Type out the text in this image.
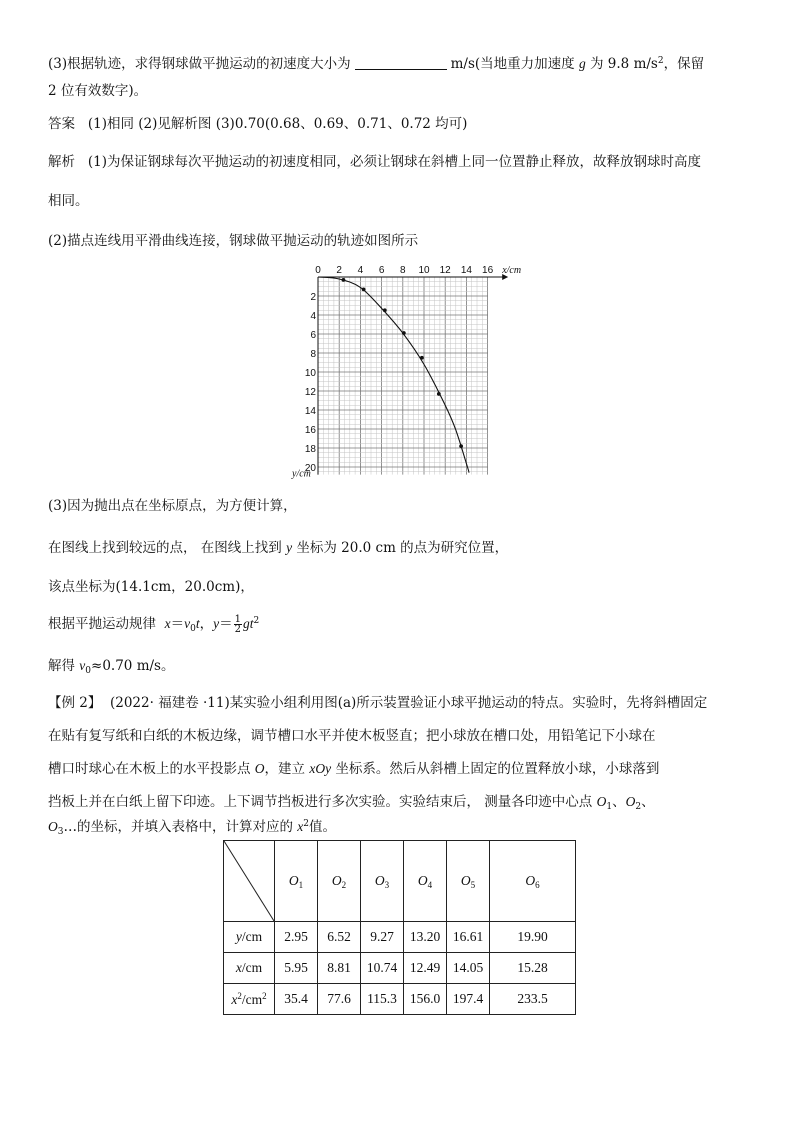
(3)根据轨迹，求得钢球做平抛运动的初速度大小为	m/s(当地重力加速度 g 为 9.8 $m/s^2$，保留
2 位有效数字)。
答案 (1)相同 (2)见解析图 (3)0.70(0.68、0.69、0.71、0.72 均可)
解析 (1)为保证钢球每次平抛运动的初速度相同，必须让钢球在斜槽上同一位置静止释放，故释放钢球时高度
相同。
(2)描点连线用平滑曲线连接，钢球做平抛运动的轨迹如图所示
0 2 4 6 8 10 12 14 16 x/cm
2
4
6
8
10
12
14
16
18
20
y/cm
(3)因为抛出点在坐标原点，为方便计算，
在图线上找到较远的点， 在图线上找到 y 坐标为 20.0 cm 的点为研究位置，
该点坐标为(14.1cm，20.0cm)，
根据平抛运动规律 $x=v_0t$，$y= \frac{1}{2} gt^2$
解得 $v_0\approx 0.70$ m/s。
【例 2】 (2022· 福建卷 ·11)某实验小组利用图(a)所示装置验证小球平抛运动的特点。实验时，先将斜槽固定
在贴有复写纸和白纸的木板边缘，调节槽口水平并使木板竖直；把小球放在槽口处，用铅笔记下小球在
槽口时球心在木板上的水平投影点 O，建立 xOy 坐标系。然后从斜槽上固定的位置释放小球，小球落到
挡板上并在白纸上留下印迹。上下调节挡板进行多次实验。实验结束后， 测量各印迹中心点 $O_1$、$O_2$、
$O_3\dots$的坐标，并填入表格中，计算对应的 $x^2$值。
	$O_1$	$O_2$	$O_3$	$O_4$	$O_5$	$O_6$
y/cm	2.95	6.52	9.27	13.20	16.61	19.90
x/cm	5.95	8.81	10.74	12.49	14.05	15.28
$x^2/cm^2$	35.4	77.6	115.3	156.0	197.4	233.5
